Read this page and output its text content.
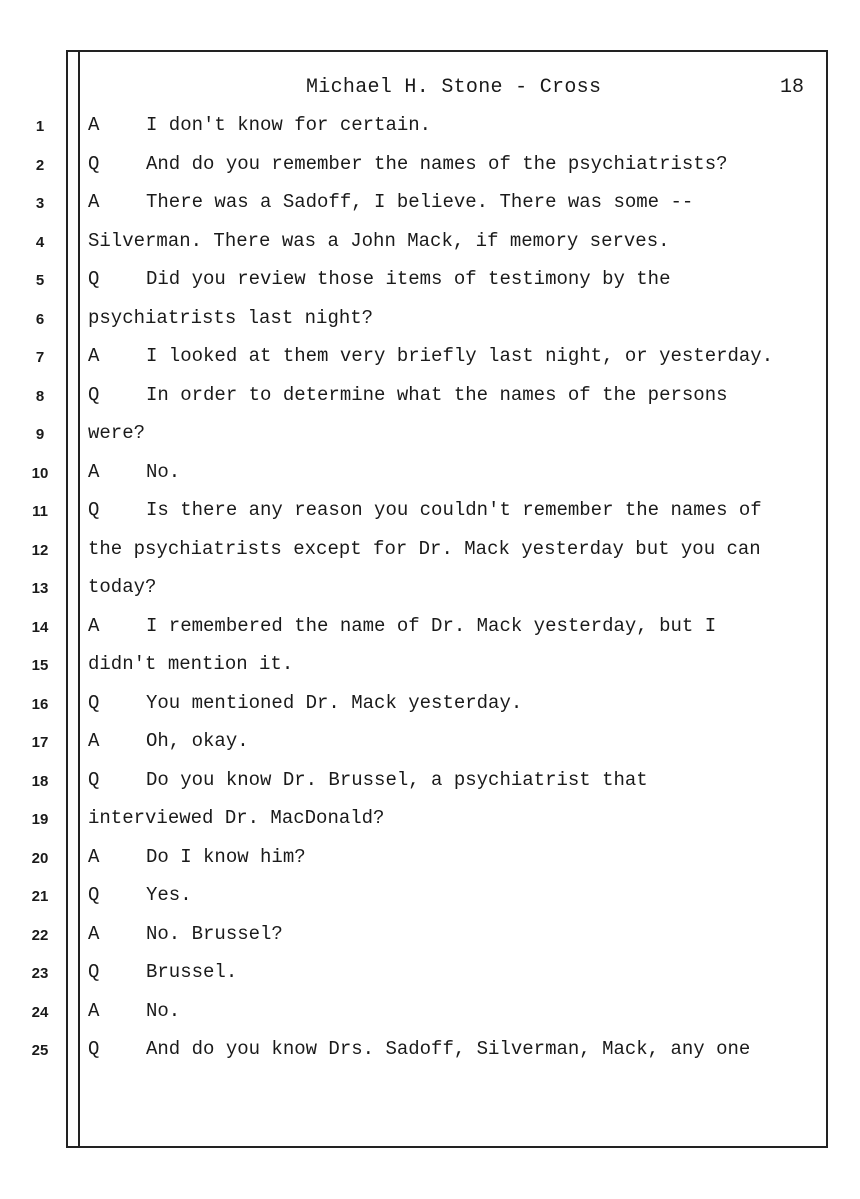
Michael H. Stone - Cross	18
1	A I don't know for certain.
2	Q And do you remember the names of the psychiatrists?
3	A There was a Sadoff, I believe. There was some --
4	Silverman. There was a John Mack, if memory serves.
5	Q Did you review those items of testimony by the
6	psychiatrists last night?
7	A I looked at them very briefly last night, or yesterday.
8	Q In order to determine what the names of the persons
9	were?
10	A No.
11	Q Is there any reason you couldn't remember the names of
12	the psychiatrists except for Dr. Mack yesterday but you can
13	today?
14	A I remembered the name of Dr. Mack yesterday, but I
15	didn't mention it.
16	Q You mentioned Dr. Mack yesterday.
17	A Oh, okay.
18	Q Do you know Dr. Brussel, a psychiatrist that
19	interviewed Dr. MacDonald?
20	A Do I know him?
21	Q Yes.
22	A No. Brussel?
23	Q Brussel.
24	A No.
25	Q And do you know Drs. Sadoff, Silverman, Mack, any one
